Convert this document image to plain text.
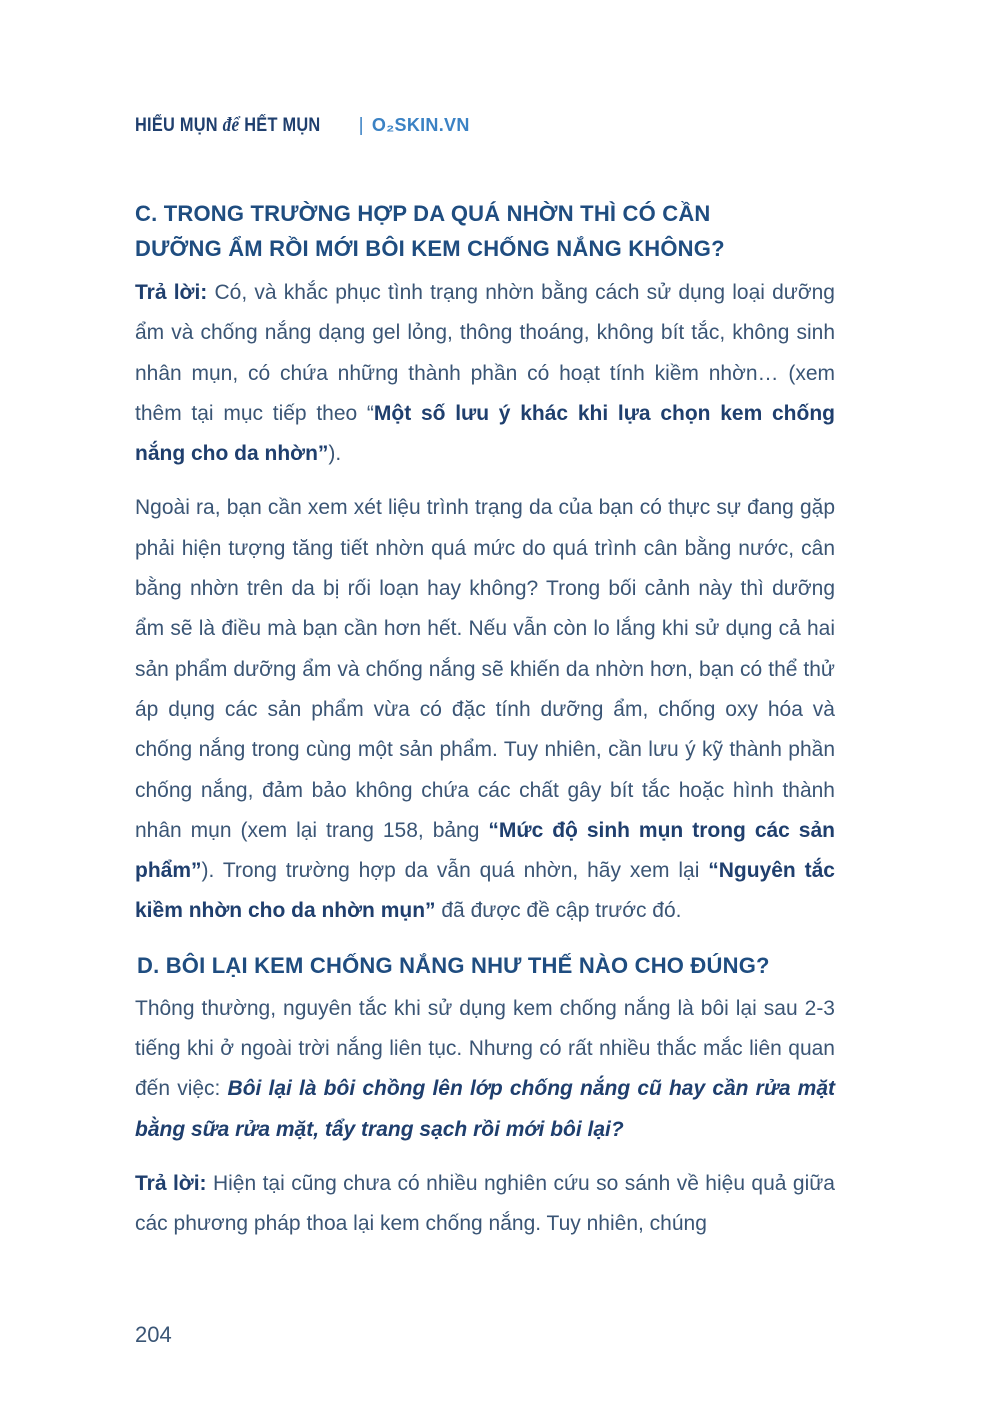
HIỂU MỤN để HẾT MỤN | O₂SKIN.VN
C. TRONG TRƯỜNG HỢP DA QUÁ NHỜN THÌ CÓ CẦN
DƯỠNG ẨM RỒI MỚI BÔI KEM CHỐNG NẮNG KHÔNG?

Trả lời: Có, và khắc phục tình trạng nhờn bằng cách sử dụng loại dưỡng ẩm và chống nắng dạng gel lỏng, thông thoáng, không bít tắc, không sinh nhân mụn, có chứa những thành phần có hoạt tính kiềm nhờn… (xem thêm tại mục tiếp theo “Một số lưu ý khác khi lựa chọn kem chống nắng cho da nhờn”).

Ngoài ra, bạn cần xem xét liệu trình trạng da của bạn có thực sự đang gặp phải hiện tượng tăng tiết nhờn quá mức do quá trình cân bằng nước, cân bằng nhờn trên da bị rối loạn hay không? Trong bối cảnh này thì dưỡng ẩm sẽ là điều mà bạn cần hơn hết. Nếu vẫn còn lo lắng khi sử dụng cả hai sản phẩm dưỡng ẩm và chống nắng sẽ khiến da nhờn hơn, bạn có thể thử áp dụng các sản phẩm vừa có đặc tính dưỡng ẩm, chống oxy hóa và chống nắng trong cùng một sản phẩm. Tuy nhiên, cần lưu ý kỹ thành phần chống nắng, đảm bảo không chứa các chất gây bít tắc hoặc hình thành nhân mụn (xem lại trang 158, bảng “Mức độ sinh mụn trong các sản phẩm”). Trong trường hợp da vẫn quá nhờn, hãy xem lại “Nguyên tắc kiềm nhờn cho da nhờn mụn” đã được đề cập trước đó.

D. BÔI LẠI KEM CHỐNG NẮNG NHƯ THẾ NÀO CHO ĐÚNG?

Thông thường, nguyên tắc khi sử dụng kem chống nắng là bôi lại sau 2-3 tiếng khi ở ngoài trời nắng liên tục. Nhưng có rất nhiều thắc mắc liên quan đến việc: Bôi lại là bôi chồng lên lớp chống nắng cũ hay cần rửa mặt bằng sữa rửa mặt, tẩy trang sạch rồi mới bôi lại?

Trả lời: Hiện tại cũng chưa có nhiều nghiên cứu so sánh về hiệu quả giữa các phương pháp thoa lại kem chống nắng. Tuy nhiên, chúng

204
